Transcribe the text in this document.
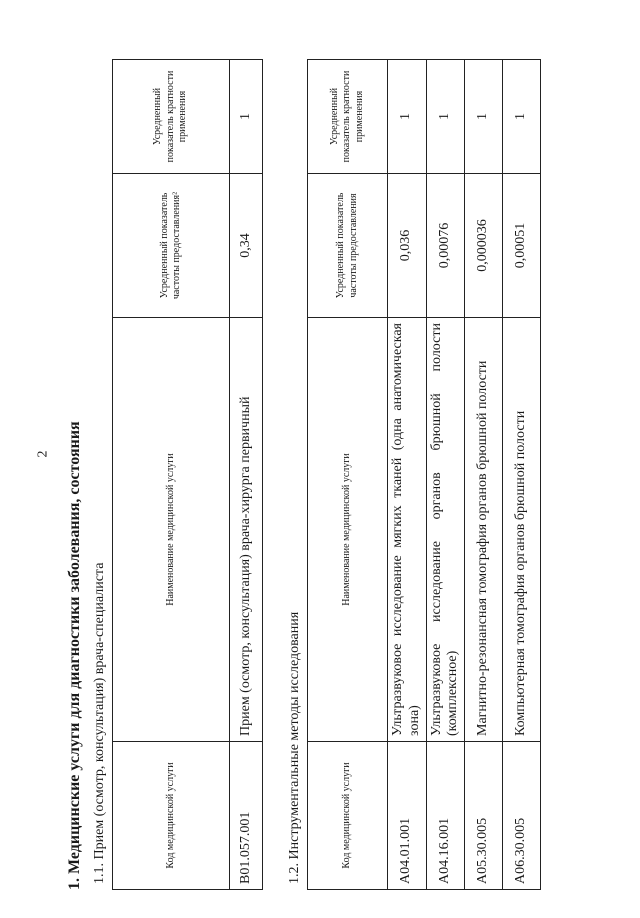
2 1. Медицинские услуги для диагностики заболевания, состояния 1.1. Прием (осмотр, консультация) врача-специалиста	Код медицинской услуги	Наименование медицинской услуги	Усредненный показатель частоты предоставления²	Усредненный показатель кратности применения
B01.057.001	Прием (осмотр, консультация) врача-хирурга первичный	0,34	1
1.2. Инструментальные методы исследования	Код медицинской услуги	Наименование медицинской услуги	Усредненный показатель частоты предоставления	Усредненный показатель кратности применения
A04.01.001	Ультразвуковое исследование мягких тканей (одна анатомическая зона)	0,036	1
A04.16.001	Ультразвуковое исследование органов брюшной полости (комплексное)	0,00076	1
A05.30.005	Магнитно-резонансная томография органов брюшной полости	0,000036	1
A06.30.005	Компьютерная томография органов брюшной полости	0,00051	1
